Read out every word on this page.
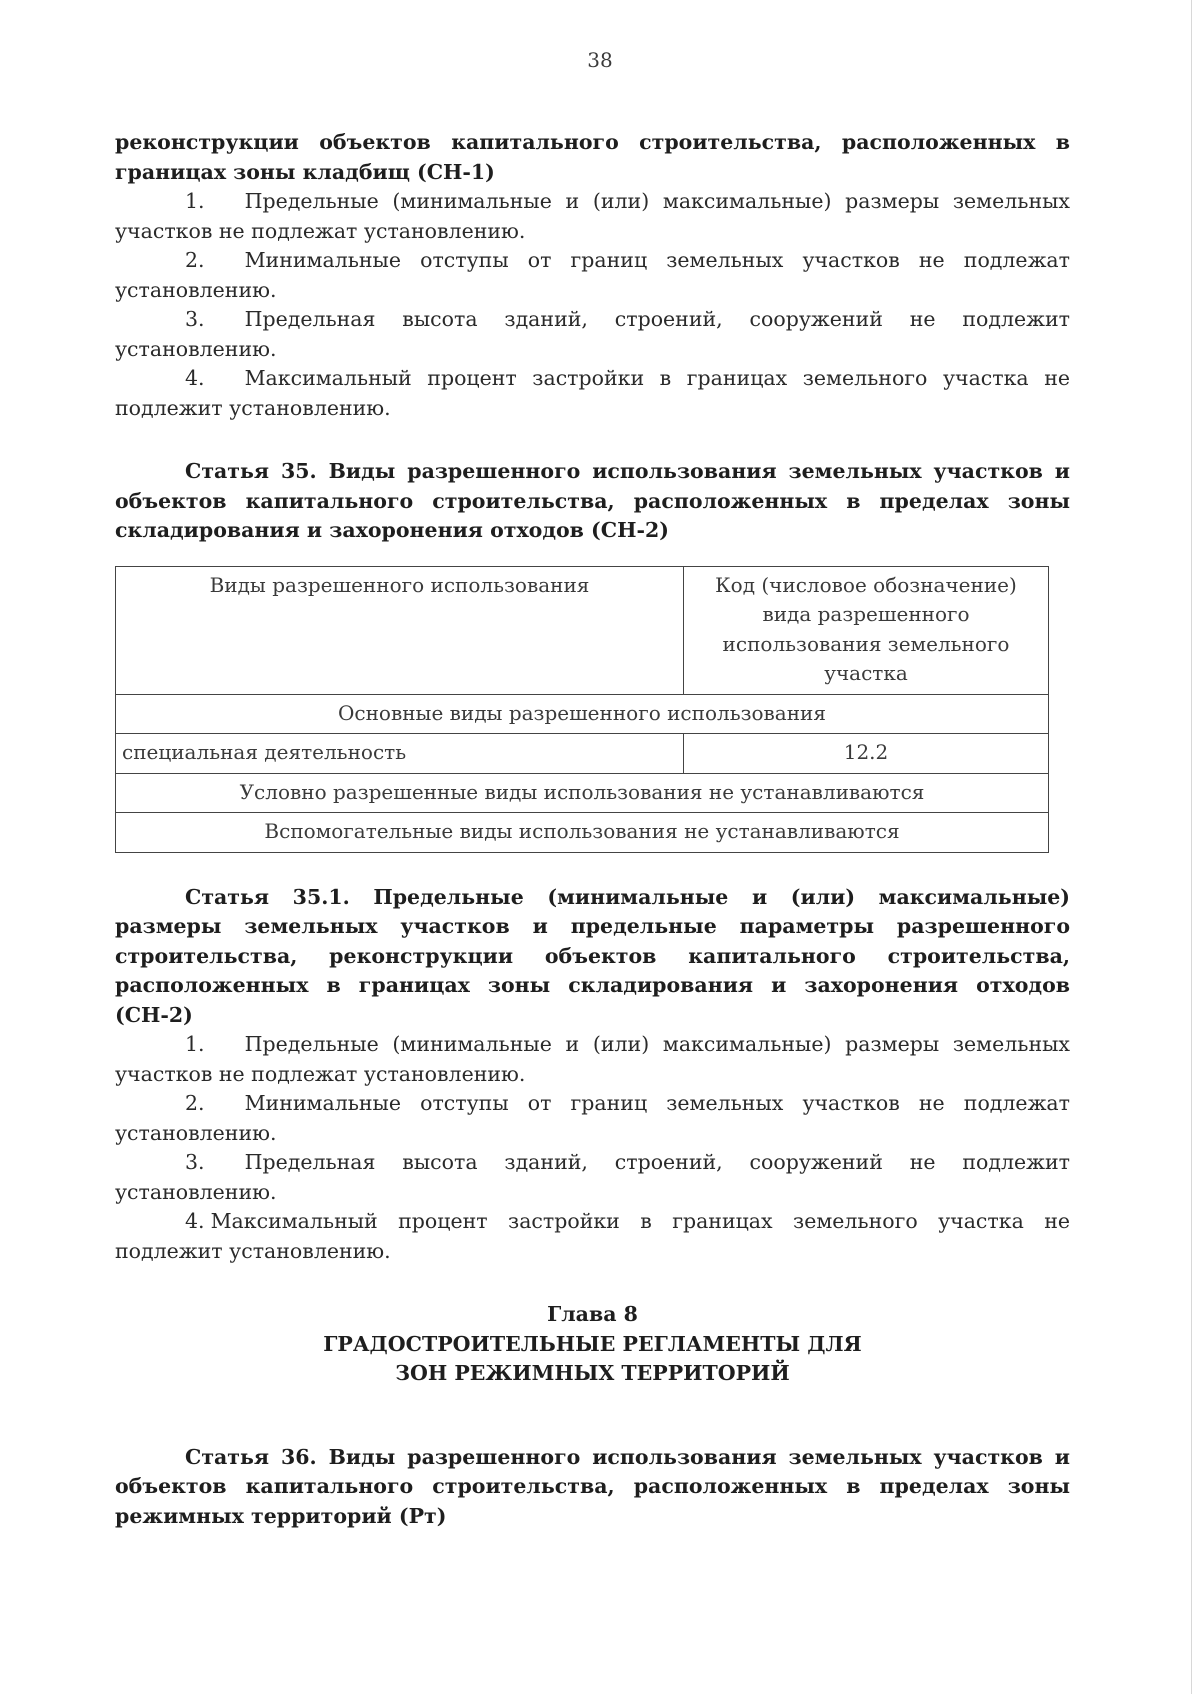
38

реконструкции объектов капитального строительства, расположенных в границах зоны кладбищ (СН-1)

1. Предельные (минимальные и (или) максимальные) размеры земельных участков не подлежат установлению.

2. Минимальные отступы от границ земельных участков не подлежат установлению.

3. Предельная высота зданий, строений, сооружений не подлежит установлению.

4. Максимальный процент застройки в границах земельного участка не подлежит установлению.

Статья 35. Виды разрешенного использования земельных участков и объектов капитального строительства, расположенных в пределах зоны складирования и захоронения отходов (СН-2)

Виды разрешенного использования	Код (числовое обозначение) вида разрешенного использования земельного участка
Основные виды разрешенного использования	
специальная деятельность	12.2
Условно разрешенные виды использования не устанавливаются	
Вспомогательные виды использования не устанавливаются	

Статья 35.1. Предельные (минимальные и (или) максимальные) размеры земельных участков и предельные параметры разрешенного строительства, реконструкции объектов капитального строительства, расположенных в границах зоны складирования и захоронения отходов (СН-2)

1. Предельные (минимальные и (или) максимальные) размеры земельных участков не подлежат установлению.

2. Минимальные отступы от границ земельных участков не подлежат установлению.

3. Предельная высота зданий, строений, сооружений не подлежит установлению.

4. Максимальный процент застройки в границах земельного участка не подлежит установлению.

Глава 8

ГРАДОСТРОИТЕЛЬНЫЕ РЕГЛАМЕНТЫ ДЛЯ

ЗОН РЕЖИМНЫХ ТЕРРИТОРИЙ

Статья 36. Виды разрешенного использования земельных участков и объектов капитального строительства, расположенных в пределах зоны режимных территорий (Рт)
